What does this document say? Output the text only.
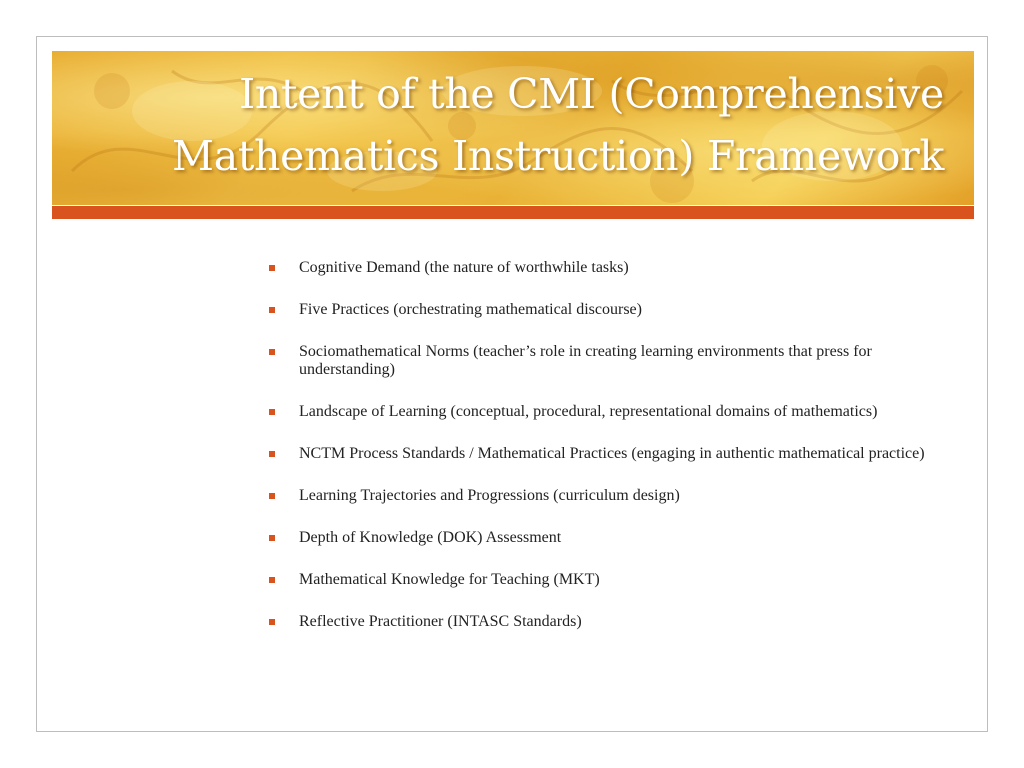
Intent of the CMI (Comprehensive Mathematics Instruction) Framework
Cognitive Demand (the nature of worthwhile tasks)
Five Practices (orchestrating mathematical discourse)
Sociomathematical Norms (teacher’s role in creating learning environments that press for understanding)
Landscape of Learning (conceptual, procedural, representational domains of mathematics)
NCTM Process Standards / Mathematical Practices (engaging in authentic mathematical practice)
Learning Trajectories and Progressions (curriculum design)
Depth of Knowledge (DOK) Assessment
Mathematical Knowledge for Teaching (MKT)
Reflective Practitioner (INTASC Standards)
